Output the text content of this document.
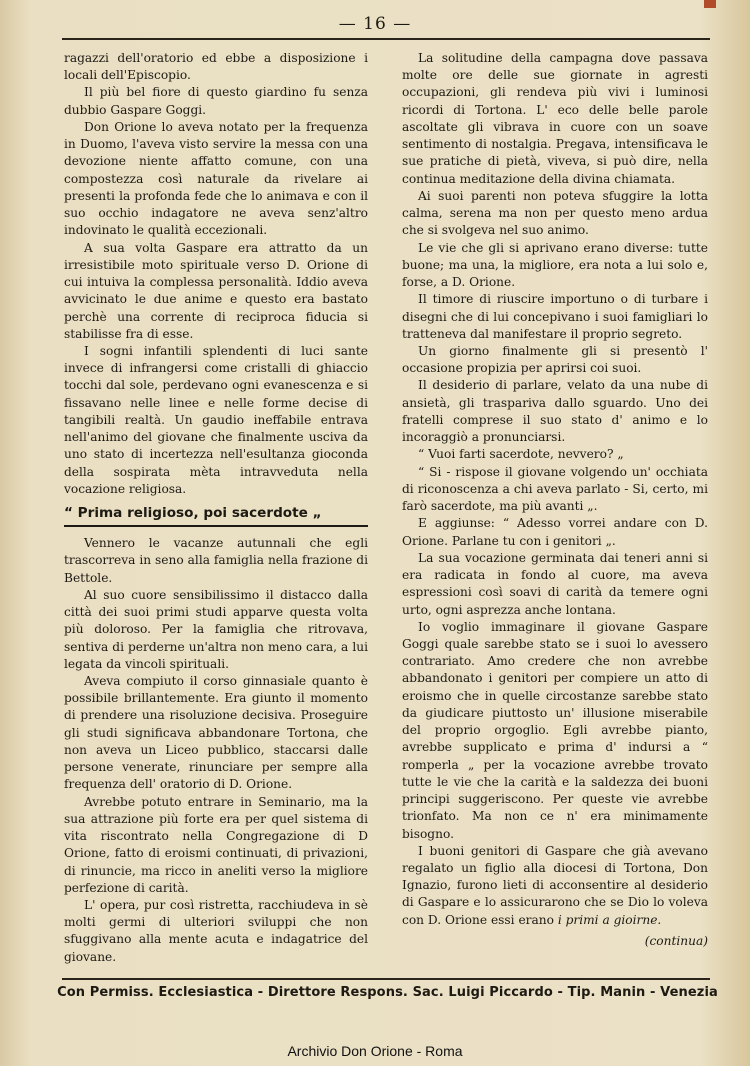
— 16 —

ragazzi dell'oratorio ed ebbe a disposizione i locali dell'Episcopio.

Il più bel fiore di questo giardino fu senza dubbio Gaspare Goggi.

Don Orione lo aveva notato per la frequenza in Duomo, l'aveva visto servire la messa con una devozione niente affatto comune, con una compostezza così naturale da rivelare ai presenti la profonda fede che lo animava e con il suo occhio indagatore ne aveva senz'altro indovinato le qualità eccezionali.

A sua volta Gaspare era attratto da un irresistibile moto spirituale verso D. Orione di cui intuiva la complessa personalità. Iddio aveva avvicinato le due anime e questo era bastato perchè una corrente di reciproca fiducia si stabilisse fra di esse.

I sogni infantili splendenti di luci sante invece di infrangersi come cristalli di ghiaccio tocchi dal sole, perdevano ogni evanescenza e si fissavano nelle linee e nelle forme decise di tangibili realtà. Un gaudio ineffabile entrava nell'animo del giovane che finalmente usciva da uno stato di incertezza nell'esultanza gioconda della sospirata mèta intravveduta nella vocazione religiosa.

“ Prima religioso, poi sacerdote „

Vennero le vacanze autunnali che egli trascorreva in seno alla famiglia nella frazione di Bettole.

Al suo cuore sensibilissimo il distacco dalla città dei suoi primi studi apparve questa volta più doloroso. Per la famiglia che ritrovava, sentiva di perderne un'altra non meno cara, a lui legata da vincoli spirituali.

Aveva compiuto il corso ginnasiale quanto è possibile brillantemente. Era giunto il momento di prendere una risoluzione decisiva. Proseguire gli studi significava abbandonare Tortona, che non aveva un Liceo pubblico, staccarsi dalle persone venerate, rinunciare per sempre alla frequenza dell' oratorio di D. Orione.

Avrebbe potuto entrare in Seminario, ma la sua attrazione più forte era per quel sistema di vita riscontrato nella Congregazione di D Orione, fatto di eroismi continuati, di privazioni, di rinuncie, ma ricco in aneliti verso la migliore perfezione di carità.

L' opera, pur così ristretta, racchiudeva in sè molti germi di ulteriori sviluppi che non sfuggivano alla mente acuta e indagatrice del giovane.

La solitudine della campagna dove passava molte ore delle sue giornate in agresti occupazioni, gli rendeva più vivi i luminosi ricordi di Tortona. L' eco delle belle parole ascoltate gli vibrava in cuore con un soave sentimento di nostalgia. Pregava, intensificava le sue pratiche di pietà, viveva, si può dire, nella continua meditazione della divina chiamata.

Ai suoi parenti non poteva sfuggire la lotta calma, serena ma non per questo meno ardua che si svolgeva nel suo animo.

Le vie che gli si aprivano erano diverse: tutte buone; ma una, la migliore, era nota a lui solo e, forse, a D. Orione.

Il timore di riuscire importuno o di turbare i disegni che di lui concepivano i suoi famigliari lo tratteneva dal manifestare il proprio segreto.

Un giorno finalmente gli si presentò l' occasione propizia per aprirsi coi suoi.

Il desiderio di parlare, velato da una nube di ansietà, gli traspariva dallo sguardo. Uno dei fratelli comprese il suo stato d' animo e lo incoraggiò a pronunciarsi.

“ Vuoi farti sacerdote, nevvero? „

“ Si - rispose il giovane volgendo un' occhiata di riconoscenza a chi aveva parlato - Si, certo, mi farò sacerdote, ma più avanti „.

E aggiunse: “ Adesso vorrei andare con D. Orione. Parlane tu con i genitori „.

La sua vocazione germinata dai teneri anni si era radicata in fondo al cuore, ma aveva espressioni così soavi di carità da temere ogni urto, ogni asprezza anche lontana.

Io voglio immaginare il giovane Gaspare Goggi quale sarebbe stato se i suoi lo avessero contrariato. Amo credere che non avrebbe abbandonato i genitori per compiere un atto di eroismo che in quelle circostanze sarebbe stato da giudicare piuttosto un' illusione miserabile del proprio orgoglio. Egli avrebbe pianto, avrebbe supplicato e prima d' indursi a “ romperla „ per la vocazione avrebbe trovato tutte le vie che la carità e la saldezza dei buoni principi suggeriscono. Per queste vie avrebbe trionfato. Ma non ce n' era minimamente bisogno.

I buoni genitori di Gaspare che già avevano regalato un figlio alla diocesi di Tortona, Don Ignazio, furono lieti di acconsentire al desiderio di Gaspare e lo assicurarono che se Dio lo voleva con D. Orione essi erano i primi a gioirne.

(continua)

Con Permiss. Ecclesiastica - Direttore Respons. Sac. Luigi Piccardo - Tip. Manin - Venezia
Archivio Don Orione - Roma
